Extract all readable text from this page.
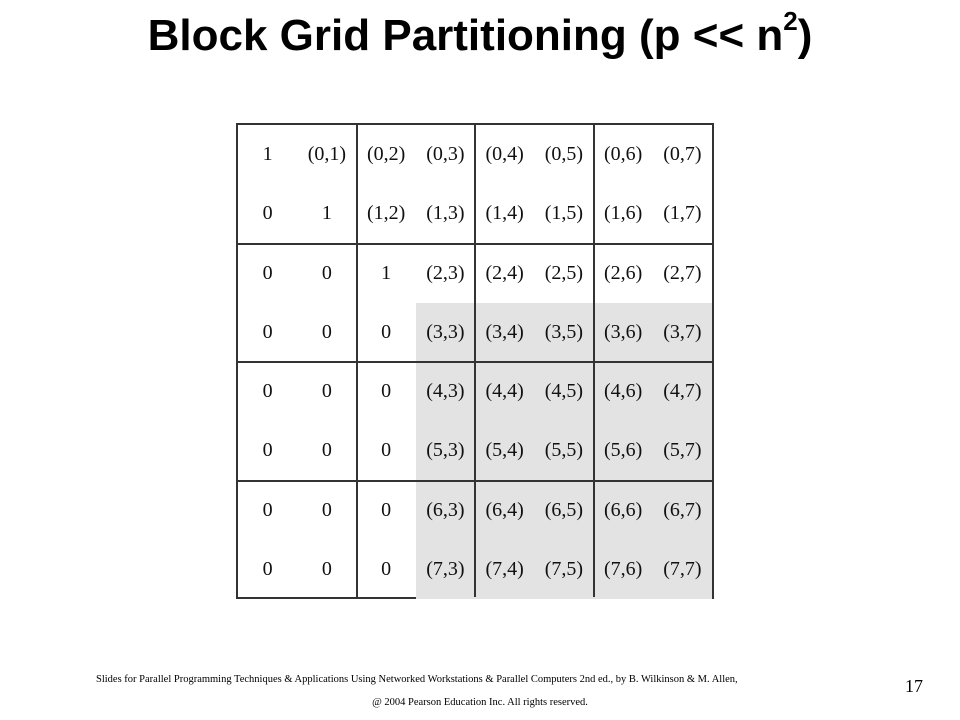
Block Grid Partitioning $(p << n^2)$
1	(0,1)	(0,2)	(0,3)	(0,4)	(0,5)	(0,6)	(0,7)
0	1	(1,2)	(1,3)	(1,4)	(1,5)	(1,6)	(1,7)
0	0	1	(2,3)	(2,4)	(2,5)	(2,6)	(2,7)
0	0	0	(3,3)	(3,4)	(3,5)	(3,6)	(3,7)
0	0	0	(4,3)	(4,4)	(4,5)	(4,6)	(4,7)
0	0	0	(5,3)	(5,4)	(5,5)	(5,6)	(5,7)
0	0	0	(6,3)	(6,4)	(6,5)	(6,6)	(6,7)
0	0	0	(7,3)	(7,4)	(7,5)	(7,6)	(7,7)
Slides for Parallel Programming Techniques & Applications Using Networked Workstations & Parallel Computers 2nd ed., by B. Wilkinson & M. Allen,
@ 2004 Pearson Education Inc. All rights reserved.
17
